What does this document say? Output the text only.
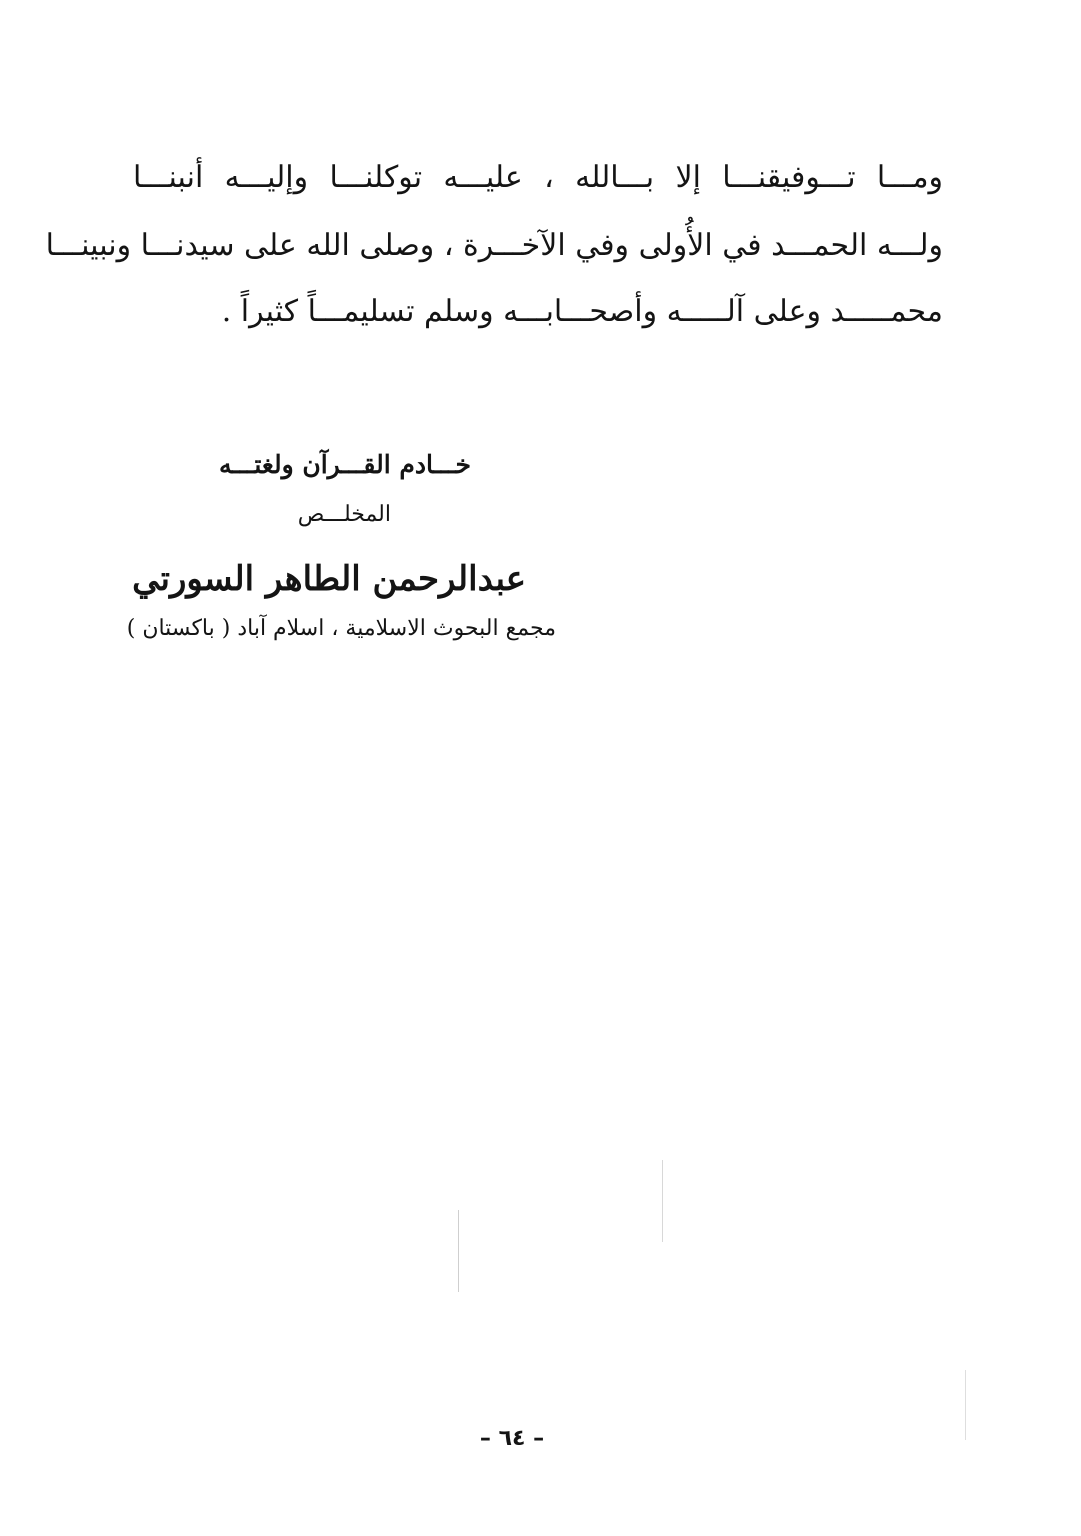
ومـــا تـــوفيقنـــا إلا بـــالله ، عليـــه توكلنـــا وإليـــه أنبنـــا
ولـــه الحمـــد في الأُولى وفي الآخـــرة ، وصلى الله على سيدنـــا ونبينـــا
محمـــــد وعلى آلـــــه وأصحـــابـــه وسلم تسليمـــاً كثيراً .
خـــادم القـــرآن ولغتـــه
المخلـــص
عبدالرحمن الطاهر السورتي
مجمع البحوث الاسلامية ، اسلام آباد ( باكستان )
– ٦٤ –
